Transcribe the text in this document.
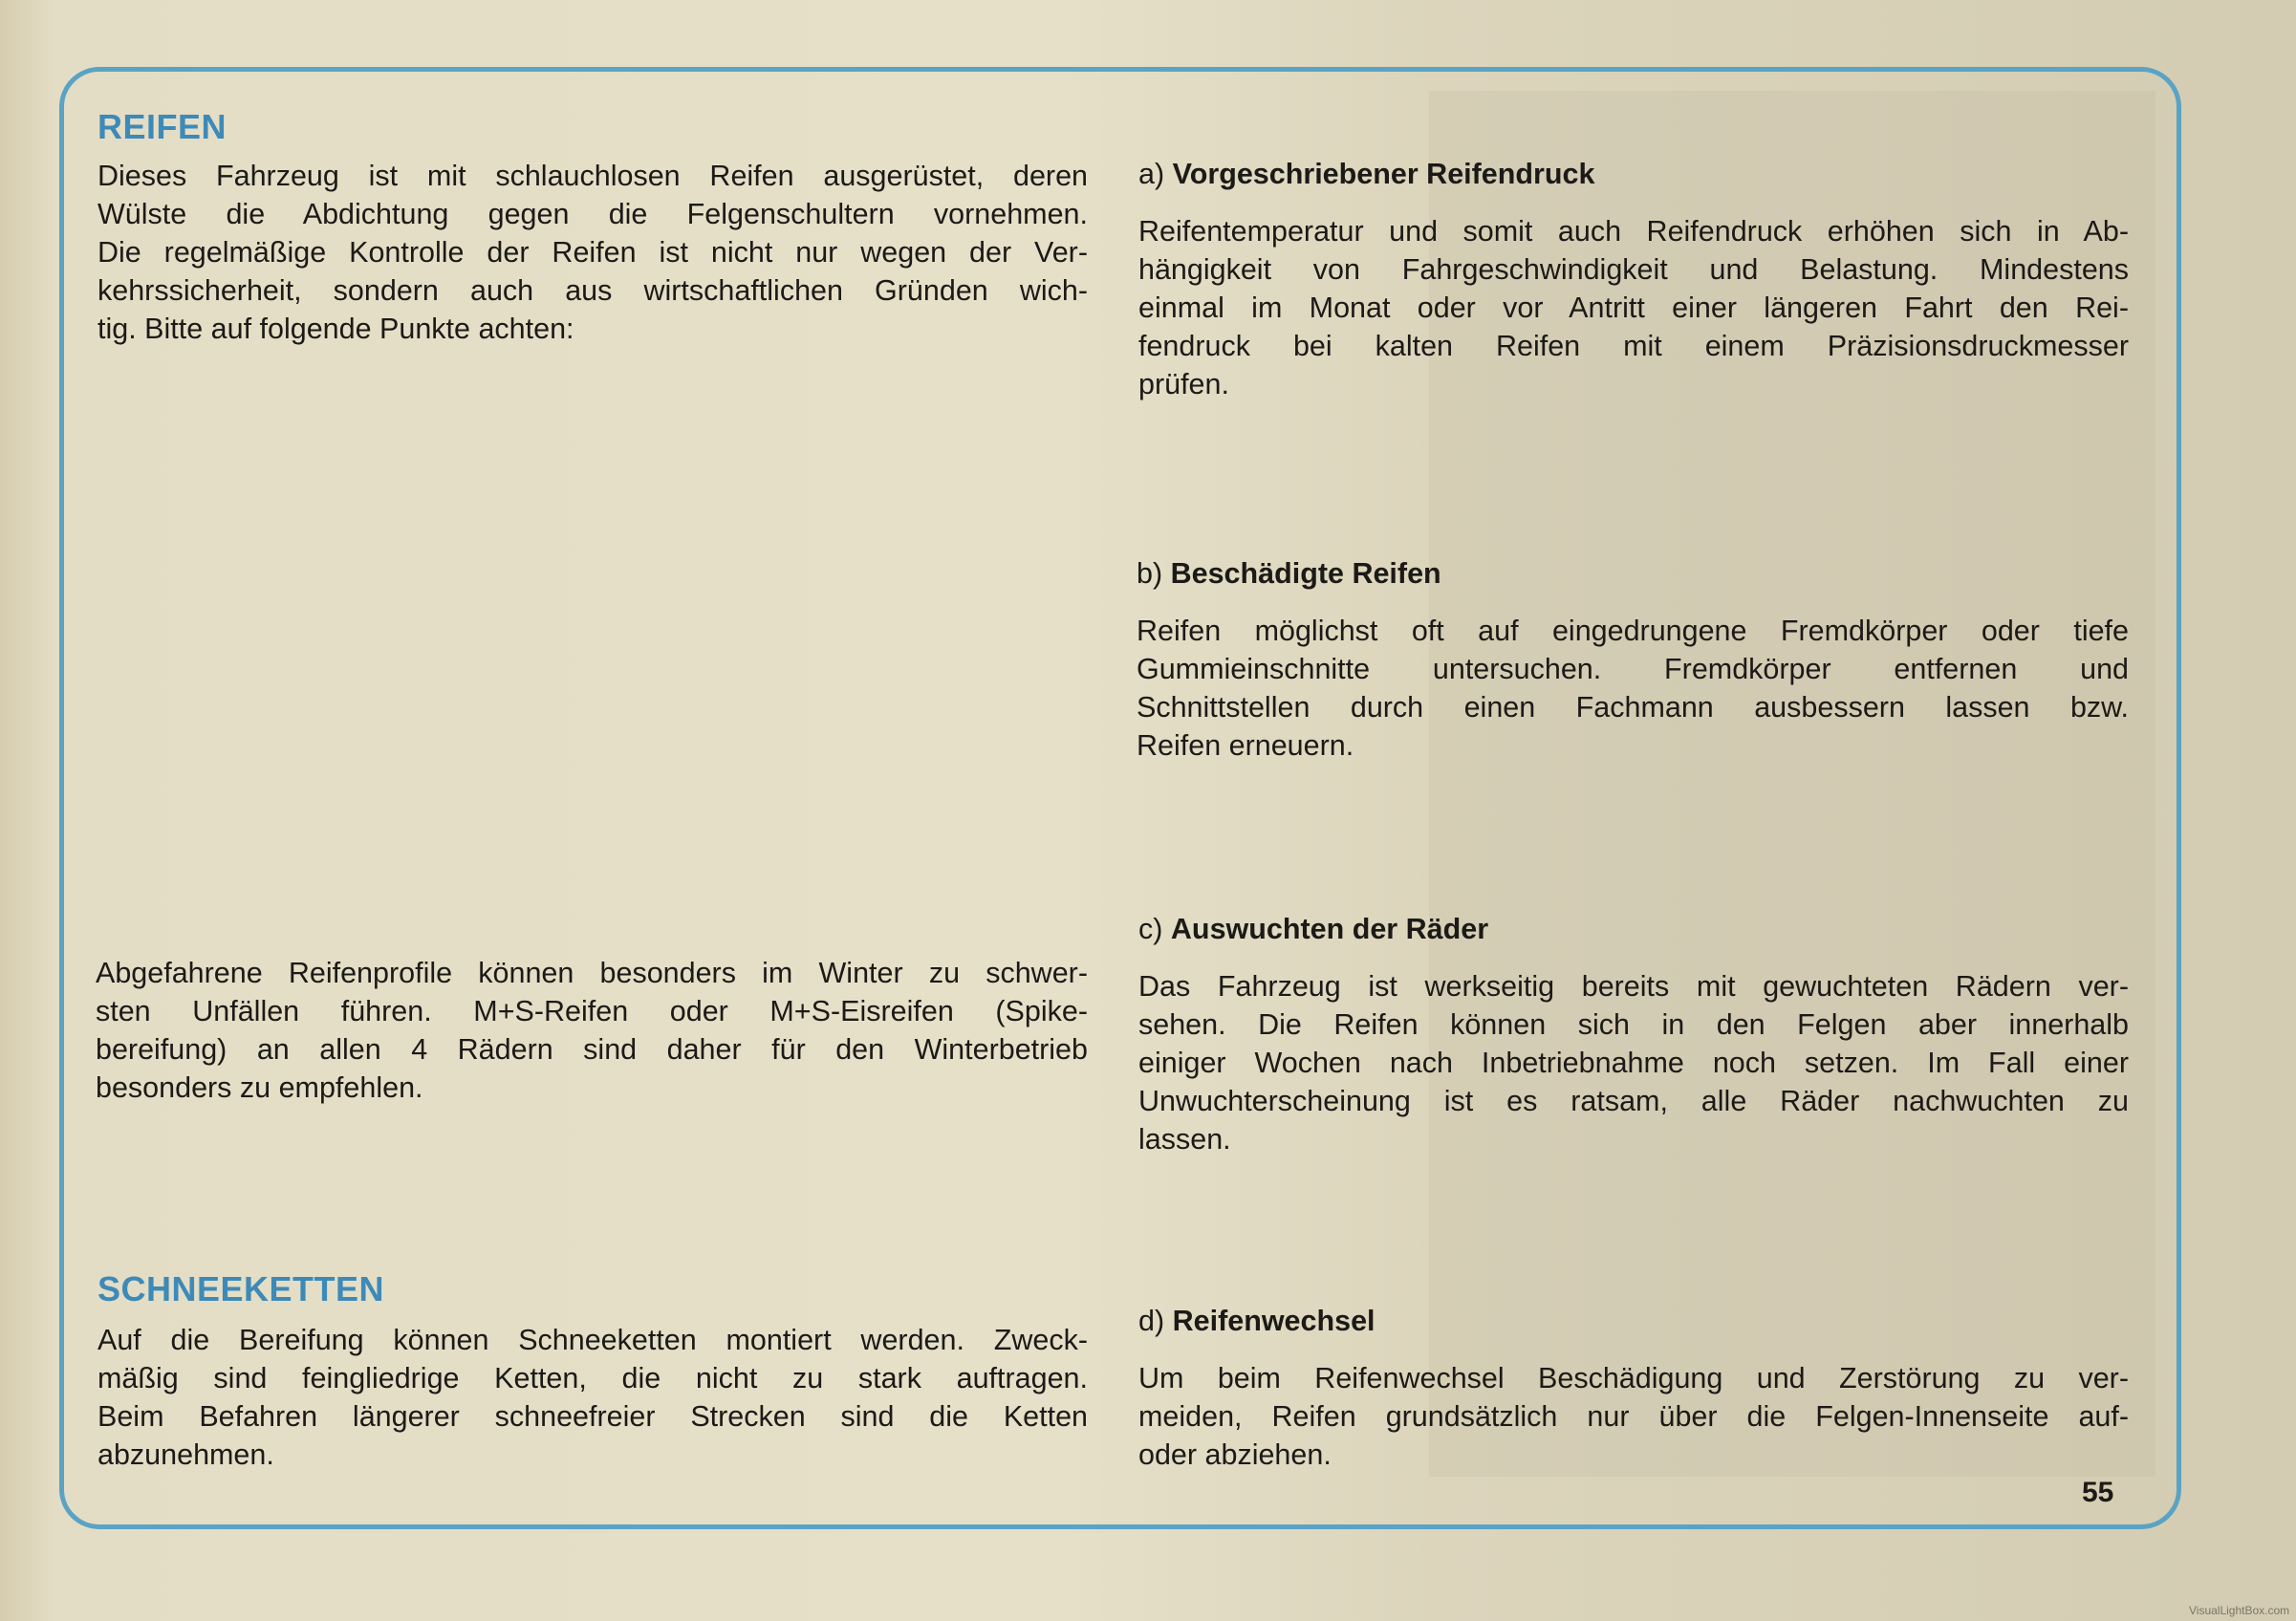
REIFEN
Dieses Fahrzeug ist mit schlauchlosen Reifen ausgerüstet, deren
Wülste die Abdichtung gegen die Felgenschultern vornehmen.
Die regelmäßige Kontrolle der Reifen ist nicht nur wegen der Ver-
kehrssicherheit, sondern auch aus wirtschaftlichen Gründen wich-
tig. Bitte auf folgende Punkte achten:
Abgefahrene Reifenprofile können besonders im Winter zu schwer-
sten Unfällen führen. M+S-Reifen oder M+S-Eisreifen (Spike-
bereifung) an allen 4 Rädern sind daher für den Winterbetrieb
besonders zu empfehlen.
SCHNEEKETTEN
Auf die Bereifung können Schneeketten montiert werden. Zweck-
mäßig sind feingliedrige Ketten, die nicht zu stark auftragen.
Beim Befahren längerer schneefreier Strecken sind die Ketten
abzunehmen.
a) Vorgeschriebener Reifendruck
Reifentemperatur und somit auch Reifendruck erhöhen sich in Ab-
hängigkeit von Fahrgeschwindigkeit und Belastung. Mindestens
einmal im Monat oder vor Antritt einer längeren Fahrt den Rei-
fendruck bei kalten Reifen mit einem Präzisionsdruckmesser
prüfen.
b) Beschädigte Reifen
Reifen möglichst oft auf eingedrungene Fremdkörper oder tiefe
Gummieinschnitte untersuchen. Fremdkörper entfernen und
Schnittstellen durch einen Fachmann ausbessern lassen bzw.
Reifen erneuern.
c) Auswuchten der Räder
Das Fahrzeug ist werkseitig bereits mit gewuchteten Rädern ver-
sehen. Die Reifen können sich in den Felgen aber innerhalb
einiger Wochen nach Inbetriebnahme noch setzen. Im Fall einer
Unwuchterscheinung ist es ratsam, alle Räder nachwuchten zu
lassen.
d) Reifenwechsel
Um beim Reifenwechsel Beschädigung und Zerstörung zu ver-
meiden, Reifen grundsätzlich nur über die Felgen-Innenseite auf-
oder abziehen.
55
VisualLightBox.com
